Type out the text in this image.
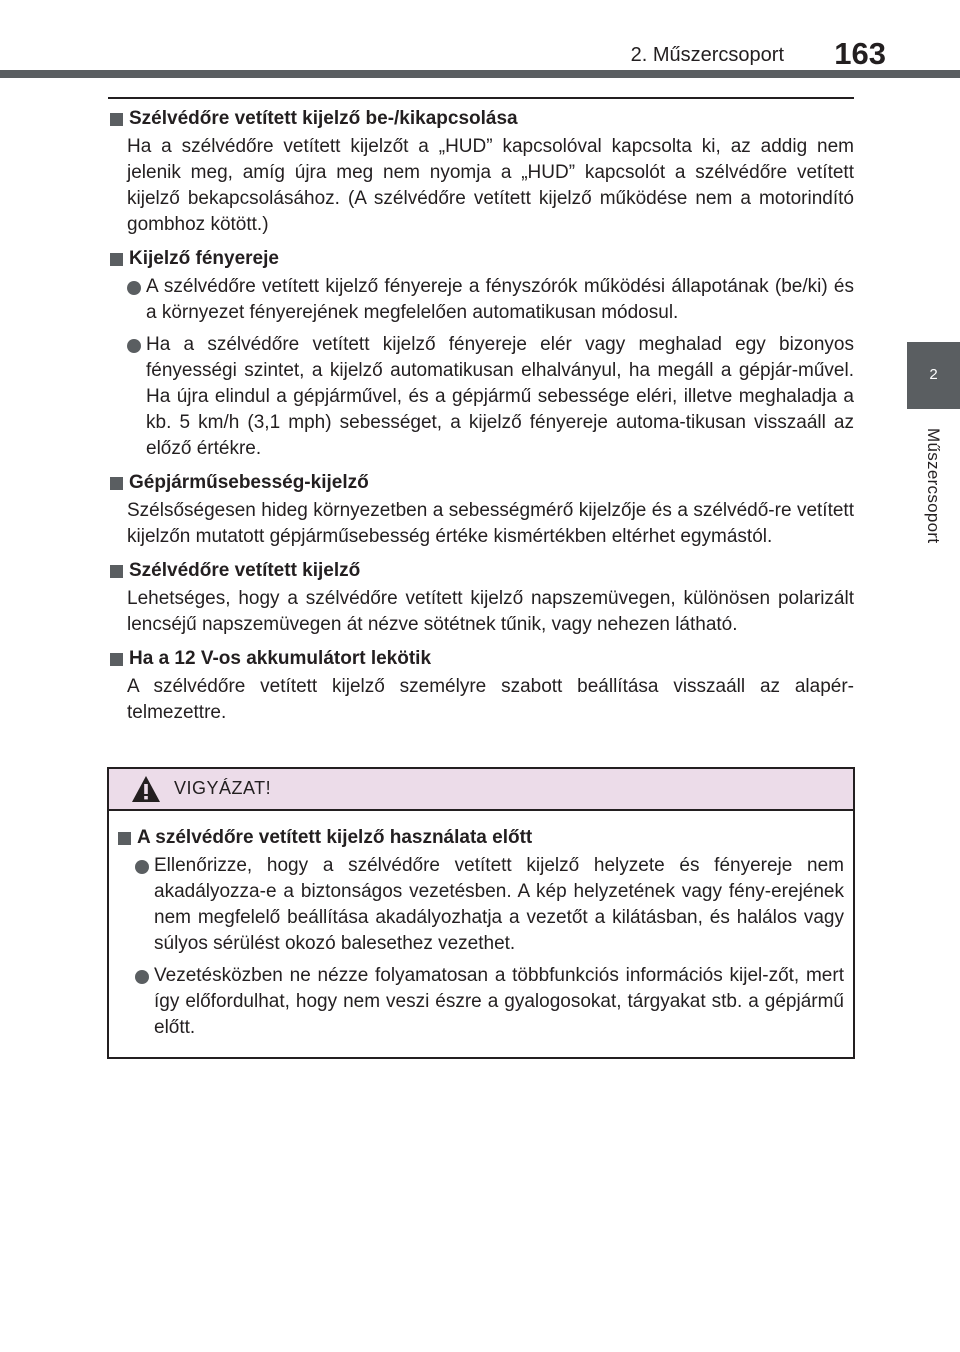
2. Műszercsoport	163
2
Műszercsoport
Szélvédőre vetített kijelző be-/kikapcsolása
Ha a szélvédőre vetített kijelzőt a „HUD” kapcsolóval kapcsolta ki, az addig nem jelenik meg, amíg újra meg nem nyomja a „HUD” kapcsolót a szélvédőre vetített kijelző bekapcsolásához. (A szélvédőre vetített kijelző működése nem a motorindító gombhoz kötött.)
Kijelző fényereje
A szélvédőre vetített kijelző fényereje a fényszórók működési állapotának (be/ki) és a környezet fényerejének megfelelően automatikusan módosul.
Ha a szélvédőre vetített kijelző fényereje elér vagy meghalad egy bizonyos fényességi szintet, a kijelző automatikusan elhalványul, ha megáll a gépjár-művel. Ha újra elindul a gépjárművel, és a gépjármű sebessége eléri, illetve meghaladja a kb. 5 km/h (3,1 mph) sebességet, a kijelző fényereje automa-tikusan visszaáll az előző értékre.
Gépjárműsebesség-kijelző
Szélsőségesen hideg környezetben a sebességmérő kijelzője és a szélvédő-re vetített kijelzőn mutatott gépjárműsebesség értéke kismértékben eltérhet egymástól.
Szélvédőre vetített kijelző
Lehetséges, hogy a szélvédőre vetített kijelző napszemüvegen, különösen polarizált lencséjű napszemüvegen át nézve sötétnek tűnik, vagy nehezen látható.
Ha a 12 V-os akkumulátort lekötik
A szélvédőre vetített kijelző személyre szabott beállítása visszaáll az alapér-telmezettre.
VIGYÁZAT!
A szélvédőre vetített kijelző használata előtt
Ellenőrizze, hogy a szélvédőre vetített kijelző helyzete és fényereje nem akadályozza-e a biztonságos vezetésben. A kép helyzetének vagy fény-erejének nem megfelelő beállítása akadályozhatja a vezetőt a kilátásban, és halálos vagy súlyos sérülést okozó balesethez vezethet.
Vezetésközben ne nézze folyamatosan a többfunkciós információs kijel-zőt, mert így előfordulhat, hogy nem veszi észre a gyalogosokat, tárgyakat stb. a gépjármű előtt.
